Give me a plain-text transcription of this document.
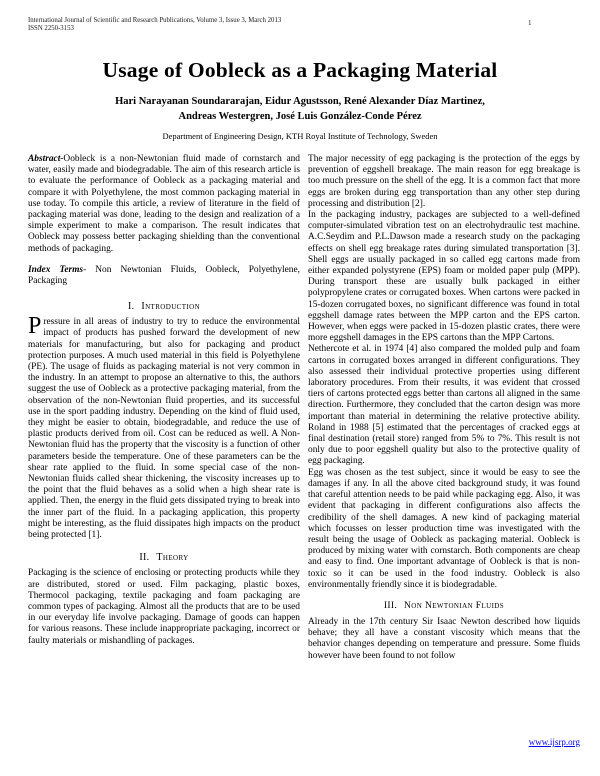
International Journal of Scientific and Research Publications, Volume 3, Issue 3, March 2013
ISSN 2250-3153
1
Usage of Oobleck as a Packaging Material
Hari Narayanan Soundararajan, Eidur Agustsson, René Alexander Díaz Martinez,
Andreas Westergren, José Luis González-Conde Pérez
Department of Engineering Design, KTH Royal Institute of Technology, Sweden

Abstract-Oobleck is a non-Newtonian fluid made of cornstarch and water, easily made and biodegradable. The aim of this research article is to evaluate the performance of Oobleck as a packaging material and compare it with Polyethylene, the most common packaging material in use today. To compile this article, a review of literature in the field of packaging material was done, leading to the design and realization of a simple experiment to make a comparison. The result indicates that Oobleck may possess better packaging shielding than the conventional methods of packaging.

Index Terms- Non Newtonian Fluids, Oobleck, Polyethylene, Packaging

I. Introduction

Pressure in all areas of industry to try to reduce the environmental impact of products has pushed forward the development of new materials for manufacturing, but also for packaging and product protection purposes. A much used material in this field is Polyethylene (PE). The usage of fluids as packaging material is not very common in the industry. In an attempt to propose an alternative to this, the authors suggest the use of Oobleck as a protective packaging material, from the observation of the non-Newtonian fluid properties, and its successful use in the sport padding industry. Depending on the kind of fluid used, they might be easier to obtain, biodegradable, and reduce the use of plastic products derived from oil. Cost can be reduced as well. A Non-Newtonian fluid has the property that the viscosity is a function of other parameters beside the temperature. One of these parameters can be the shear rate applied to the fluid. In some special case of the non- Newtonian fluids called shear thickening, the viscosity increases up to the point that the fluid behaves as a solid when a high shear rate is applied. Then, the energy in the fluid gets dissipated trying to break into the inner part of the fluid. In a packaging application, this property might be interesting, as the fluid dissipates high impacts on the product being protected [1].

II. Theory

Packaging is the science of enclosing or protecting products while they are distributed, stored or used. Film packaging, plastic boxes, Thermocol packaging, textile packaging and foam packaging are common types of packaging. Almost all the products that are to be used in our everyday life involve packaging. Damage of goods can happen for various reasons. These include inappropriate packaging, incorrect or faulty materials or mishandling of packages.

The major necessity of egg packaging is the protection of the eggs by prevention of eggshell breakage. The main reason for egg breakage is too much pressure on the shell of the egg. It is a common fact that more eggs are broken during egg transportation than any other step during processing and distribution [2].

In the packaging industry, packages are subjected to a well-defined computer-simulated vibration test on an electrohydraulic test machine. A.C.Seydim and P.L.Dawson made a research study on the packaging effects on shell egg breakage rates during simulated transportation [3]. Shell eggs are usually packaged in so called egg cartons made from either expanded polystyrene (EPS) foam or molded paper pulp (MPP). During transport these are usually bulk packaged in either polypropylene crates or corrugated boxes. When cartons were packed in 15-dozen corrugated boxes, no significant difference was found in total eggshell damage rates between the MPP carton and the EPS carton. However, when eggs were packed in 15-dozen plastic crates, there were more eggshell damages in the EPS cartons than the MPP Cartons.

Nethercote et al. in 1974 [4] also compared the molded pulp and foam cartons in corrugated boxes arranged in different configurations. They also assessed their individual protective properties using different laboratory procedures. From their results, it was evident that crossed tiers of cartons protected eggs better than cartons all aligned in the same direction. Furthermore, they concluded that the carton design was more important than material in determining the relative protective ability. Roland in 1988 [5] estimated that the percentages of cracked eggs at final destination (retail store) ranged from 5% to 7%. This result is not only due to poor eggshell quality but also to the protective quality of egg packaging.

Egg was chosen as the test subject, since it would be easy to see the damages if any. In all the above cited background study, it was found that careful attention needs to be paid while packaging egg. Also, it was evident that packaging in different configurations also affects the credibility of the shell damages. A new kind of packaging material which focusses on lesser production time was investigated with the result being the usage of Oobleck as packaging material. Oobleck is produced by mixing water with cornstarch. Both components are cheap and easy to find. One important advantage of Oobleck is that is non-toxic so it can be used in the food industry. Oobleck is also environmentally friendly since it is biodegradable.

III. Non Newtonian Fluids

Already in the 17th century Sir Isaac Newton described how liquids behave; they all have a constant viscosity which means that the behavior changes depending on temperature and pressure. Some fluids however have been found to not follow

www.ijsrp.org
